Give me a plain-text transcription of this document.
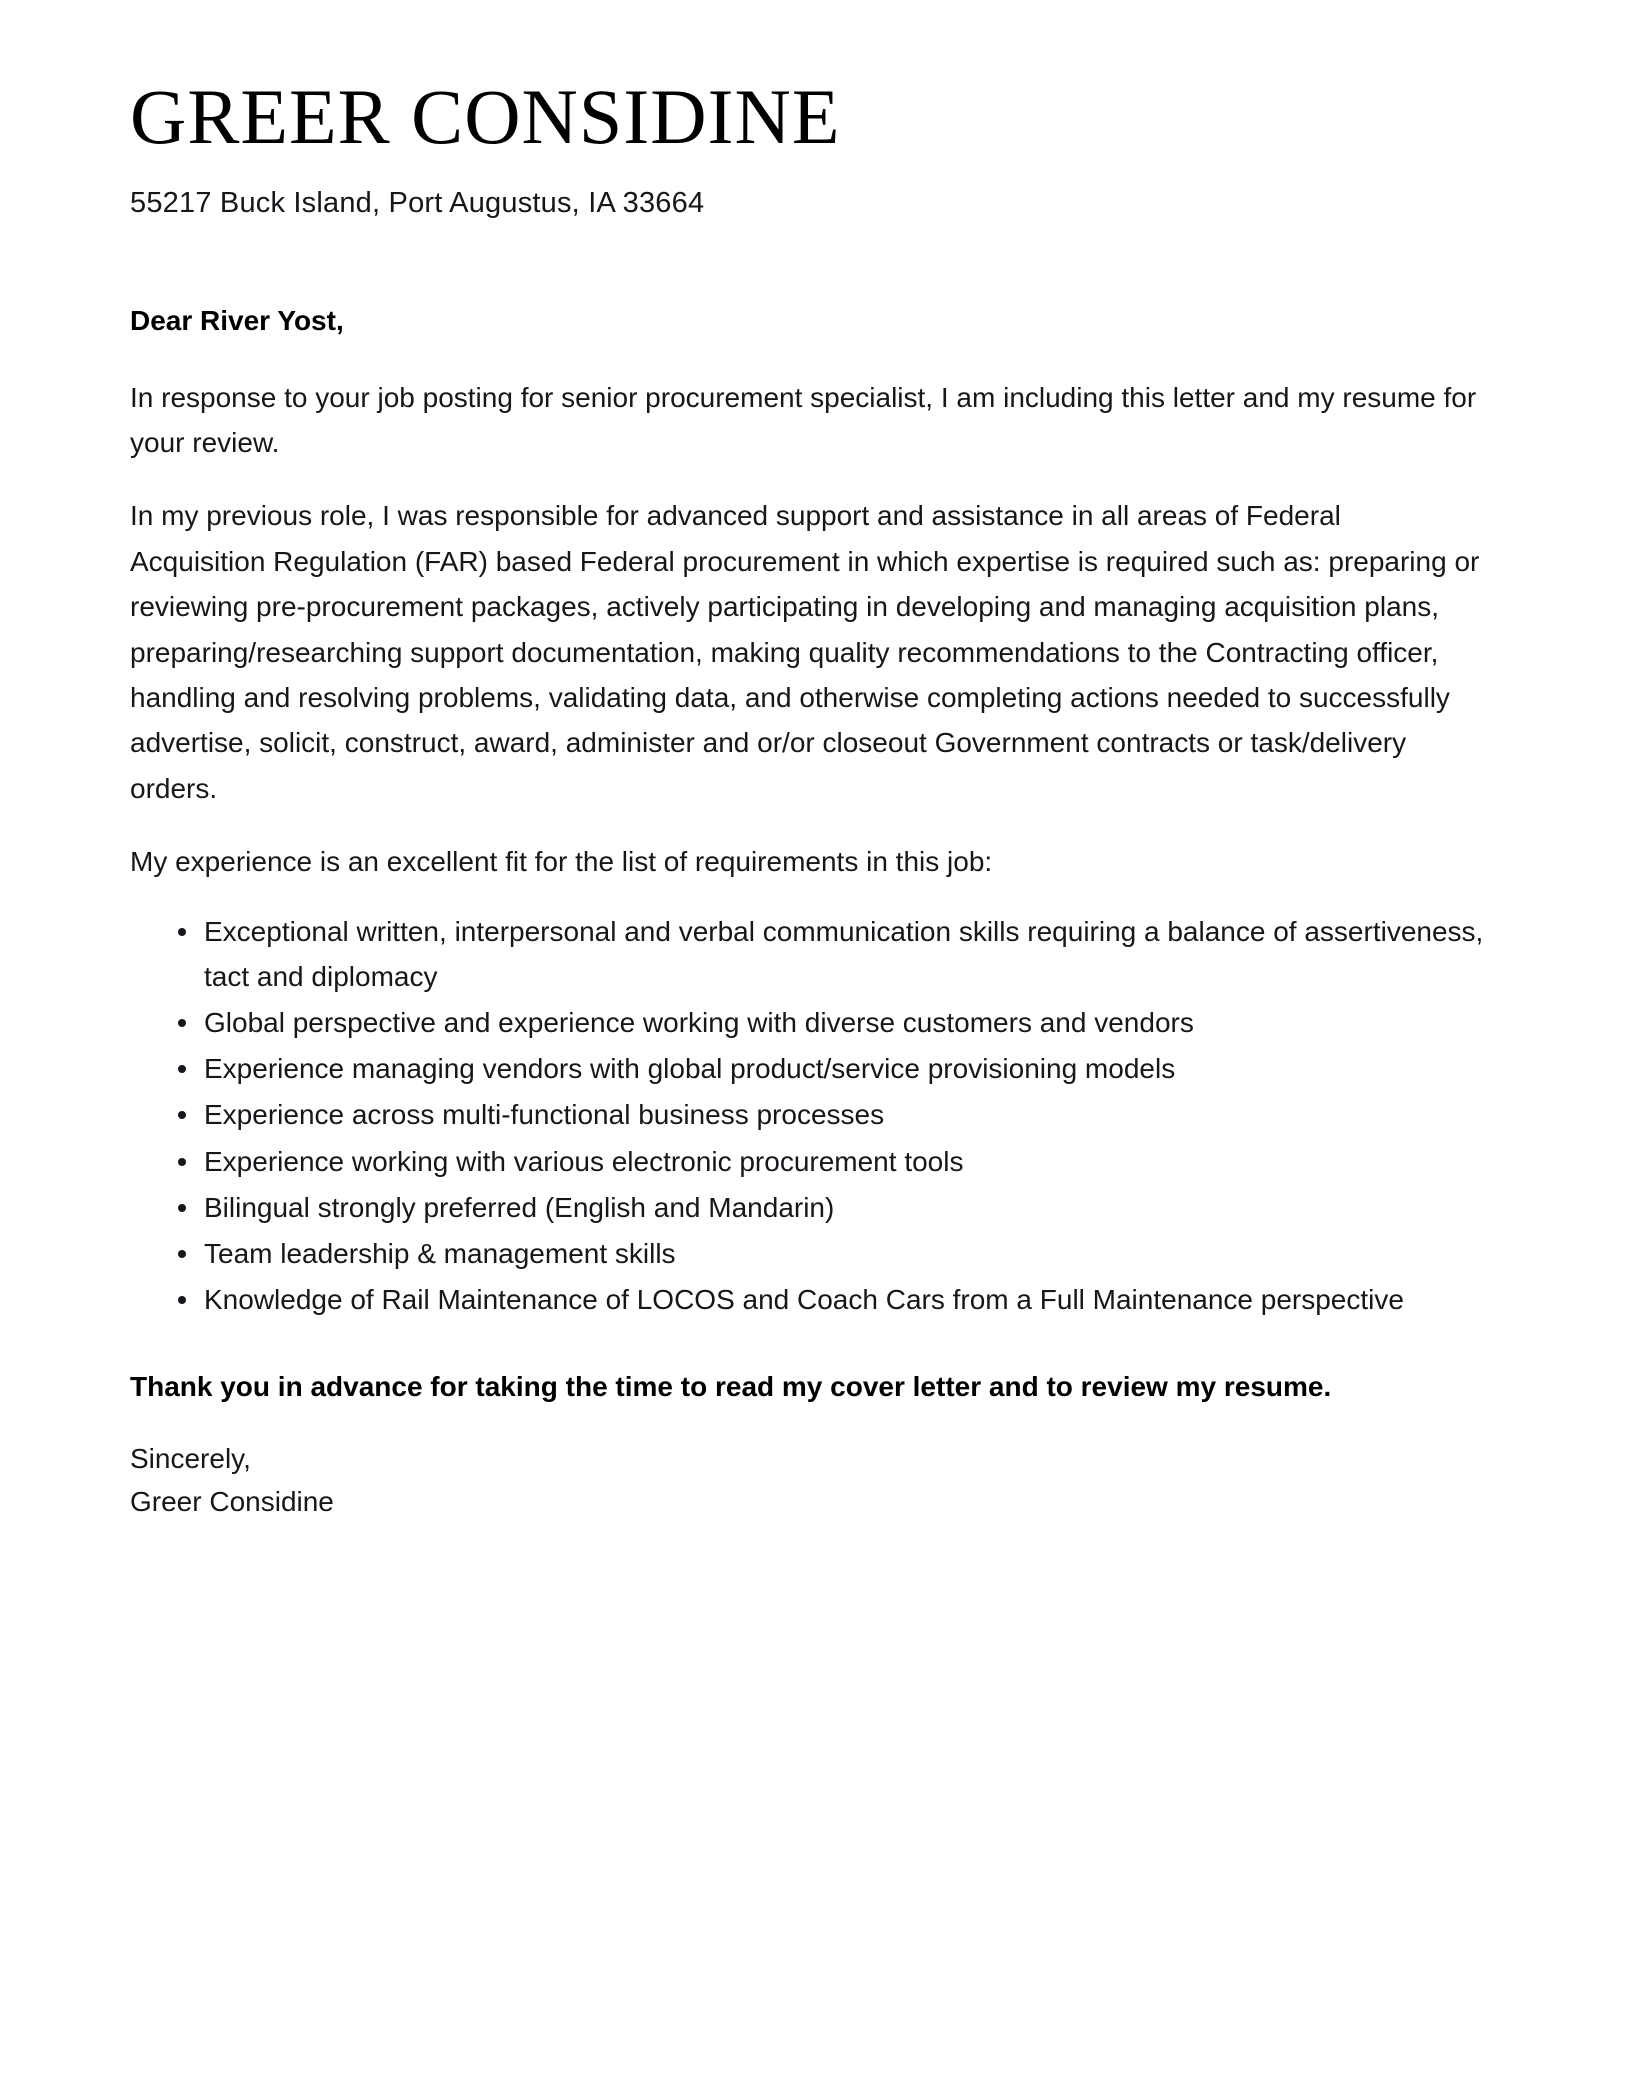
GREER CONSIDINE

55217 Buck Island, Port Augustus, IA 33664

Dear River Yost,

In response to your job posting for senior procurement specialist, I am including this letter and my resume for your review.

In my previous role, I was responsible for advanced support and assistance in all areas of Federal Acquisition Regulation (FAR) based Federal procurement in which expertise is required such as: preparing or reviewing pre-procurement packages, actively participating in developing and managing acquisition plans, preparing/researching support documentation, making quality recommendations to the Contracting officer, handling and resolving problems, validating data, and otherwise completing actions needed to successfully advertise, solicit, construct, award, administer and or/or closeout Government contracts or task/delivery orders.

My experience is an excellent fit for the list of requirements in this job:

Exceptional written, interpersonal and verbal communication skills requiring a balance of assertiveness, tact and diplomacy
Global perspective and experience working with diverse customers and vendors
Experience managing vendors with global product/service provisioning models
Experience across multi-functional business processes
Experience working with various electronic procurement tools
Bilingual strongly preferred (English and Mandarin)
Team leadership & management skills
Knowledge of Rail Maintenance of LOCOS and Coach Cars from a Full Maintenance perspective

Thank you in advance for taking the time to read my cover letter and to review my resume.

Sincerely,
Greer Considine
